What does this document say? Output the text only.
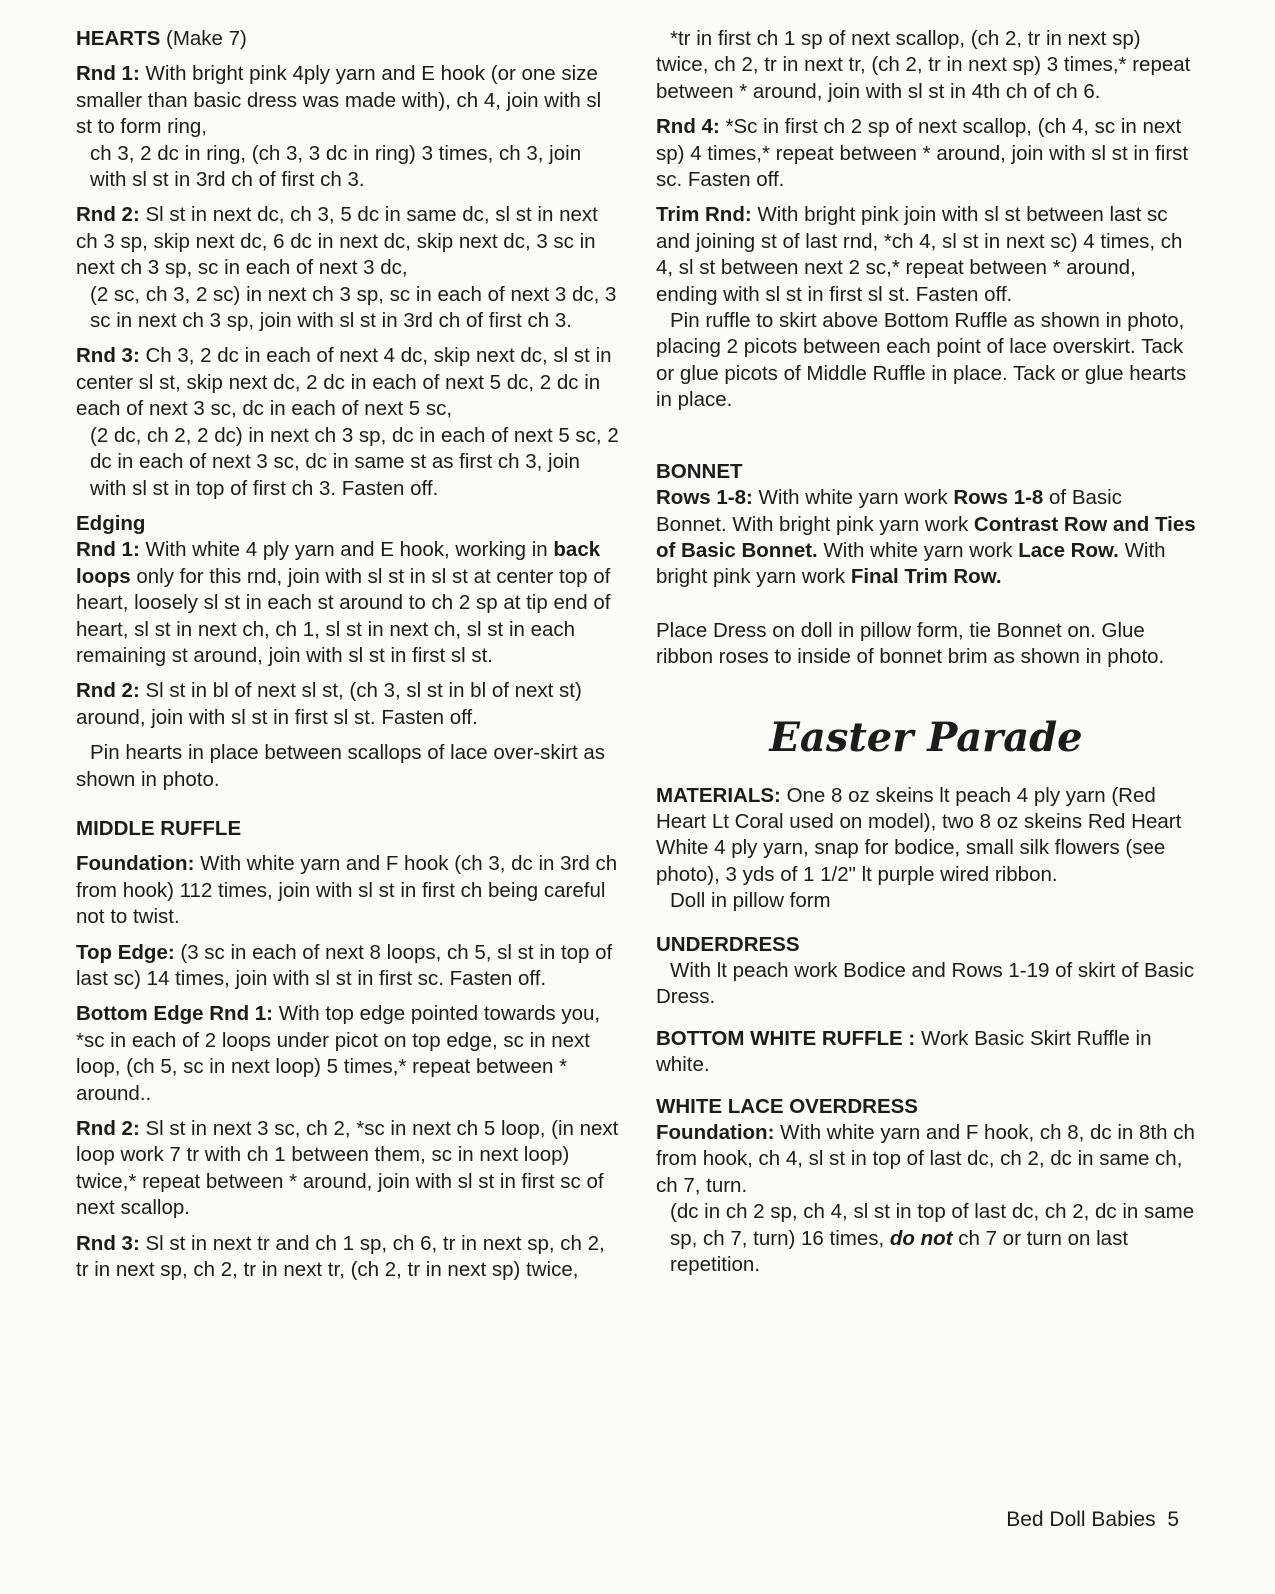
HEARTS (Make 7)

Rnd 1: With bright pink 4ply yarn and E hook (or one size smaller than basic dress was made with), ch 4, join with sl st to form ring,
ch 3, 2 dc in ring, (ch 3, 3 dc in ring) 3 times, ch 3, join with sl st in 3rd ch of first ch 3.

Rnd 2: Sl st in next dc, ch 3, 5 dc in same dc, sl st in next ch 3 sp, skip next dc, 6 dc in next dc, skip next dc, 3 sc in next ch 3 sp, sc in each of next 3 dc,
(2 sc, ch 3, 2 sc) in next ch 3 sp, sc in each of next 3 dc, 3 sc in next ch 3 sp, join with sl st in 3rd ch of first ch 3.

Rnd 3: Ch 3, 2 dc in each of next 4 dc, skip next dc, sl st in center sl st, skip next dc, 2 dc in each of next 5 dc, 2 dc in each of next 3 sc, dc in each of next 5 sc,
(2 dc, ch 2, 2 dc) in next ch 3 sp, dc in each of next 5 sc, 2 dc in each of next 3 sc, dc in same st as first ch 3, join with sl st in top of first ch 3. Fasten off.

Edging
Rnd 1: With white 4 ply yarn and E hook, working in back loops only for this rnd, join with sl st in sl st at center top of heart, loosely sl st in each st around to ch 2 sp at tip end of heart, sl st in next ch, ch 1, sl st in next ch, sl st in each remaining st around, join with sl st in first sl st.

Rnd 2: Sl st in bl of next sl st, (ch 3, sl st in bl of next st) around, join with sl st in first sl st. Fasten off.

Pin hearts in place between scallops of lace over-skirt as shown in photo.

MIDDLE RUFFLE

Foundation: With white yarn and F hook (ch 3, dc in 3rd ch from hook) 112 times, join with sl st in first ch being careful not to twist.

Top Edge: (3 sc in each of next 8 loops, ch 5, sl st in top of last sc) 14 times, join with sl st in first sc. Fasten off.

Bottom Edge Rnd 1: With top edge pointed towards you, *sc in each of 2 loops under picot on top edge, sc in next loop, (ch 5, sc in next loop) 5 times,* repeat between * around..

Rnd 2: Sl st in next 3 sc, ch 2, *sc in next ch 5 loop, (in next loop work 7 tr with ch 1 between them, sc in next loop) twice,* repeat between * around, join with sl st in first sc of next scallop.

Rnd 3: Sl st in next tr and ch 1 sp, ch 6, tr in next sp, ch 2, tr in next sp, ch 2, tr in next tr, (ch 2, tr in next sp) twice,

*tr in first ch 1 sp of next scallop, (ch 2, tr in next sp) twice, ch 2, tr in next tr, (ch 2, tr in next sp) 3 times,* repeat between * around, join with sl st in 4th ch of ch 6.

Rnd 4: *Sc in first ch 2 sp of next scallop, (ch 4, sc in next sp) 4 times,* repeat between * around, join with sl st in first sc. Fasten off.

Trim Rnd: With bright pink join with sl st between last sc and joining st of last rnd, *ch 4, sl st in next sc) 4 times, ch 4, sl st between next 2 sc,* repeat between * around, ending with sl st in first sl st. Fasten off.

Pin ruffle to skirt above Bottom Ruffle as shown in photo, placing 2 picots between each point of lace overskirt. Tack or glue picots of Middle Ruffle in place. Tack or glue hearts in place.

BONNET
Rows 1-8: With white yarn work Rows 1-8 of Basic Bonnet. With bright pink yarn work Contrast Row and Ties of Basic Bonnet. With white yarn work Lace Row. With bright pink yarn work Final Trim Row.

Place Dress on doll in pillow form, tie Bonnet on. Glue ribbon roses to inside of bonnet brim as shown in photo.

Easter Parade

MATERIALS: One 8 oz skeins lt peach 4 ply yarn (Red Heart Lt Coral used on model), two 8 oz skeins Red Heart White 4 ply yarn, snap for bodice, small silk flowers (see photo), 3 yds of 1 1/2" lt purple wired ribbon.
Doll in pillow form

UNDERDRESS
With lt peach work Bodice and Rows 1-19 of skirt of Basic Dress.

BOTTOM WHITE RUFFLE : Work Basic Skirt Ruffle in white.

WHITE LACE OVERDRESS
Foundation: With white yarn and F hook, ch 8, dc in 8th ch from hook, ch 4, sl st in top of last dc, ch 2, dc in same ch, ch 7, turn.
(dc in ch 2 sp, ch 4, sl st in top of last dc, ch 2, dc in same sp, ch 7, turn) 16 times, do not ch 7 or turn on last repetition.

Bed Doll Babies 5
